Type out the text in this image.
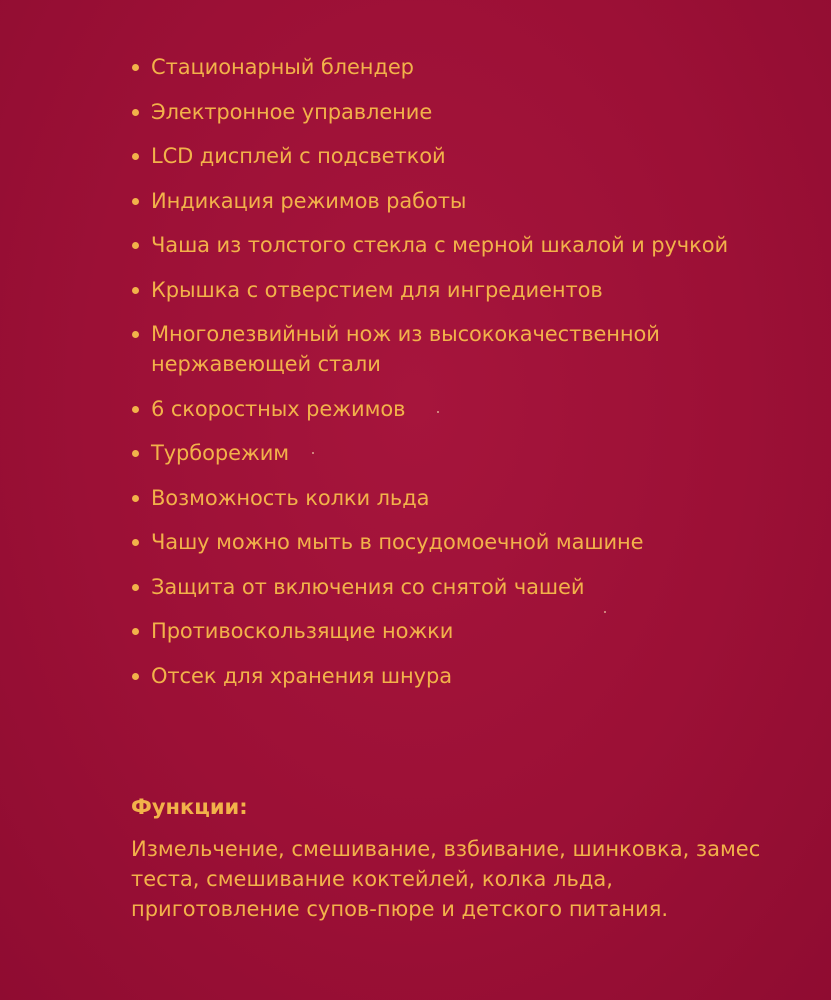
Стационарный блендер
Электронное управление
LCD дисплей с подсветкой
Индикация режимов работы
Чаша из толстого стекла с мерной шкалой и ручкой
Крышка с отверстием для ингредиентов
Многолезвийный нож из высококачественной нержавеющей стали
6 скоростных режимов
Турборежим
Возможность колки льда
Чашу можно мыть в посудомоечной машине
Защита от включения со снятой чашей
Противоскользящие ножки
Отсек для хранения шнура
Функции:
Измельчение, смешивание, взбивание, шинковка, замес теста, смешивание коктейлей, колка льда, приготовление супов-пюре и детского питания.
